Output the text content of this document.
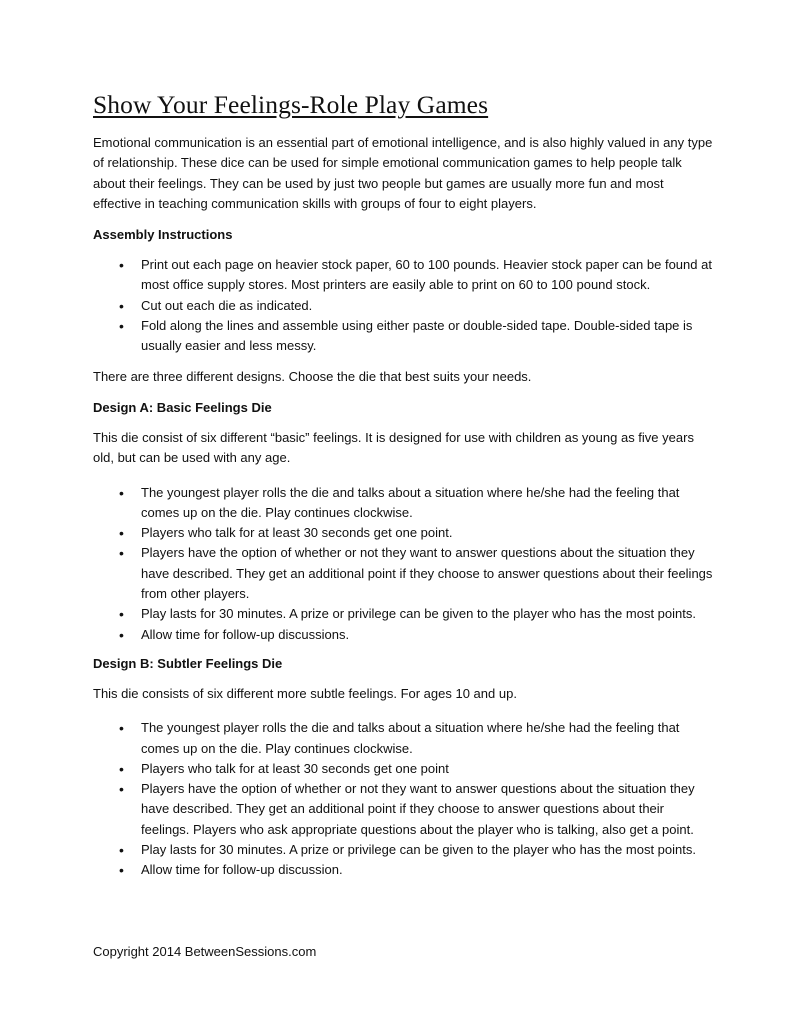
Show Your Feelings-Role Play Games

Emotional communication is an essential part of emotional intelligence, and is also highly valued in any type of relationship. These dice can be used for simple emotional communication games to help people talk about their feelings. They can be used by just two people but games are usually more fun and most effective in teaching communication skills with groups of four to eight players.

Assembly Instructions
• Print out each page on heavier stock paper, 60 to 100 pounds. Heavier stock paper can be found at most office supply stores. Most printers are easily able to print on 60 to 100 pound stock.
• Cut out each die as indicated.
• Fold along the lines and assemble using either paste or double-sided tape. Double-sided tape is usually easier and less messy.

There are three different designs. Choose the die that best suits your needs.

Design A: Basic Feelings Die

This die consist of six different “basic” feelings. It is designed for use with children as young as five years old, but can be used with any age.

• The youngest player rolls the die and talks about a situation where he/she had the feeling that comes up on the die. Play continues clockwise.
• Players who talk for at least 30 seconds get one point.
• Players have the option of whether or not they want to answer questions about the situation they have described. They get an additional point if they choose to answer questions about their feelings from other players.
• Play lasts for 30 minutes. A prize or privilege can be given to the player who has the most points.
• Allow time for follow-up discussions.
Design B: Subtler Feelings Die

This die consists of six different more subtle feelings. For ages 10 and up.

• The youngest player rolls the die and talks about a situation where he/she had the feeling that comes up on the die. Play continues clockwise.
• Players who talk for at least 30 seconds get one point
• Players have the option of whether or not they want to answer questions about the situation they have described. They get an additional point if they choose to answer questions about their feelings. Players who ask appropriate questions about the player who is talking, also get a point.
• Play lasts for 30 minutes. A prize or privilege can be given to the player who has the most points.
• Allow time for follow-up discussion.
Copyright 2014 BetweenSessions.com
